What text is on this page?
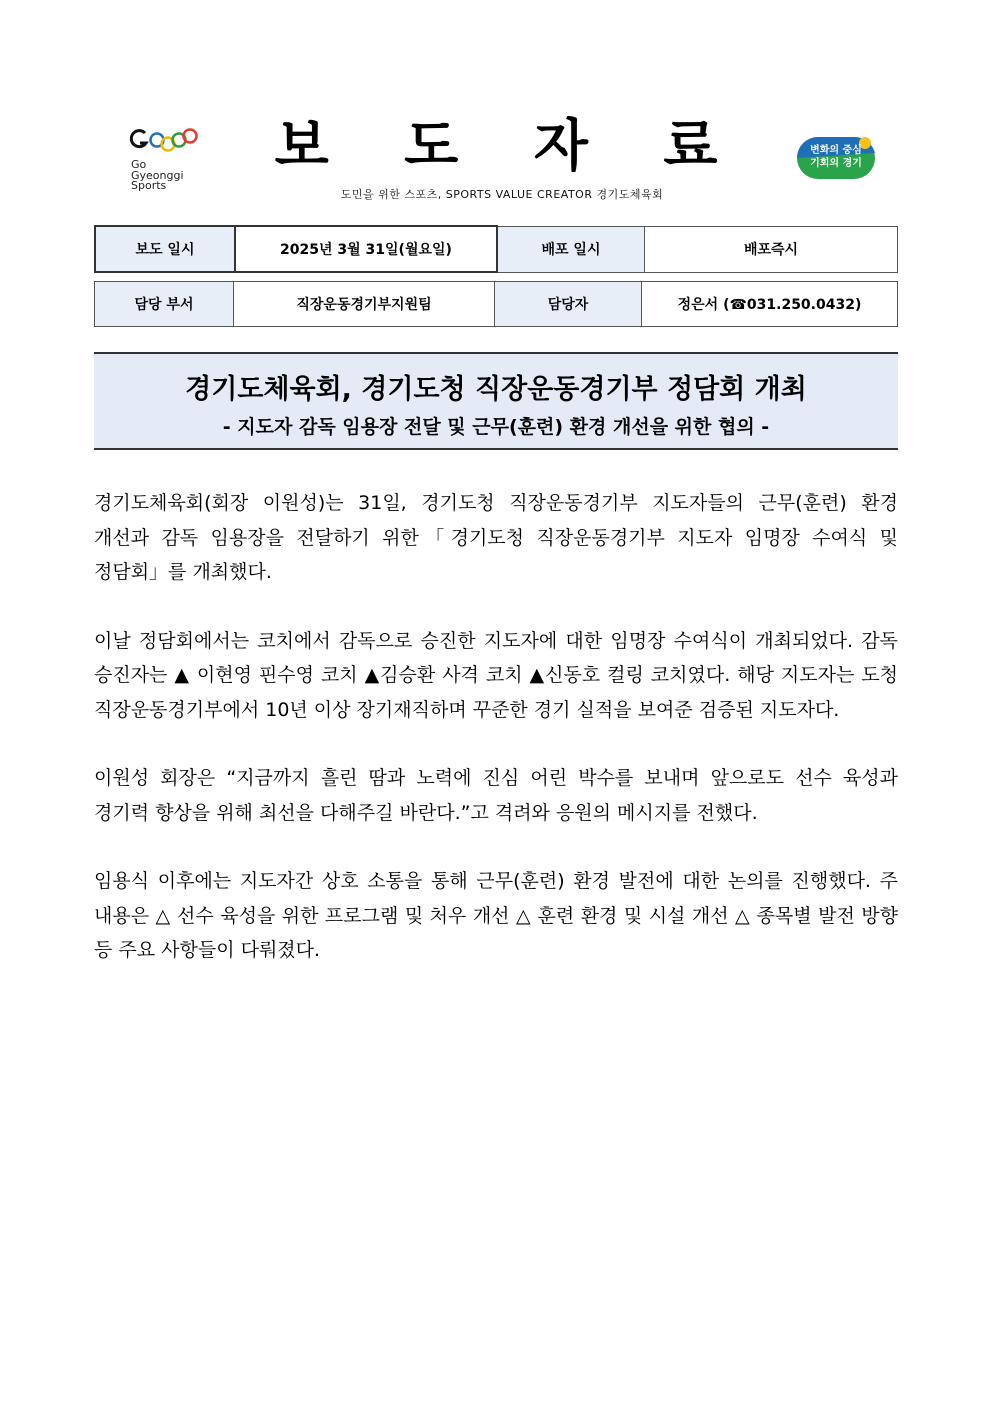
Go
Gyeonggi
Sports
보 도 자 료
도민을 위한 스포츠, SPORTS VALUE CREATOR 경기도체육회
변화의 중심
기회의 경기
보도 일시	2025년 3월 31일(월요일)	배포 일시	배포즉시
담당 부서	직장운동경기부지원팀	담당자	정은서 (☎031.250.0432)
경기도체육회, 경기도청 직장운동경기부 정담회 개최
- 지도자 감독 임용장 전달 및 근무(훈련) 환경 개선을 위한 협의 -

경기도체육회(회장 이원성)는 31일, 경기도청 직장운동경기부 지도자들의 근무(훈련) 환경 개선과 감독 임용장을 전달하기 위한「경기도청 직장운동경기부 지도자 임명장 수여식 및 정담회」를 개최했다.

이날 정담회에서는 코치에서 감독으로 승진한 지도자에 대한 임명장 수여식이 개최되었다. 감독 승진자는 ▲ 이현영 핀수영 코치 ▲김승환 사격 코치 ▲신동호 컬링 코치였다. 해당 지도자는 도청 직장운동경기부에서 10년 이상 장기재직하며 꾸준한 경기 실적을 보여준 검증된 지도자다.

이원성 회장은 “지금까지 흘린 땀과 노력에 진심 어린 박수를 보내며 앞으로도 선수 육성과 경기력 향상을 위해 최선을 다해주길 바란다.”고 격려와 응원의 메시지를 전했다.

임용식 이후에는 지도자간 상호 소통을 통해 근무(훈련) 환경 발전에 대한 논의를 진행했다. 주 내용은 △ 선수 육성을 위한 프로그램 및 처우 개선 △ 훈련 환경 및 시설 개선 △ 종목별 발전 방향 등 주요 사항들이 다뤄졌다.
